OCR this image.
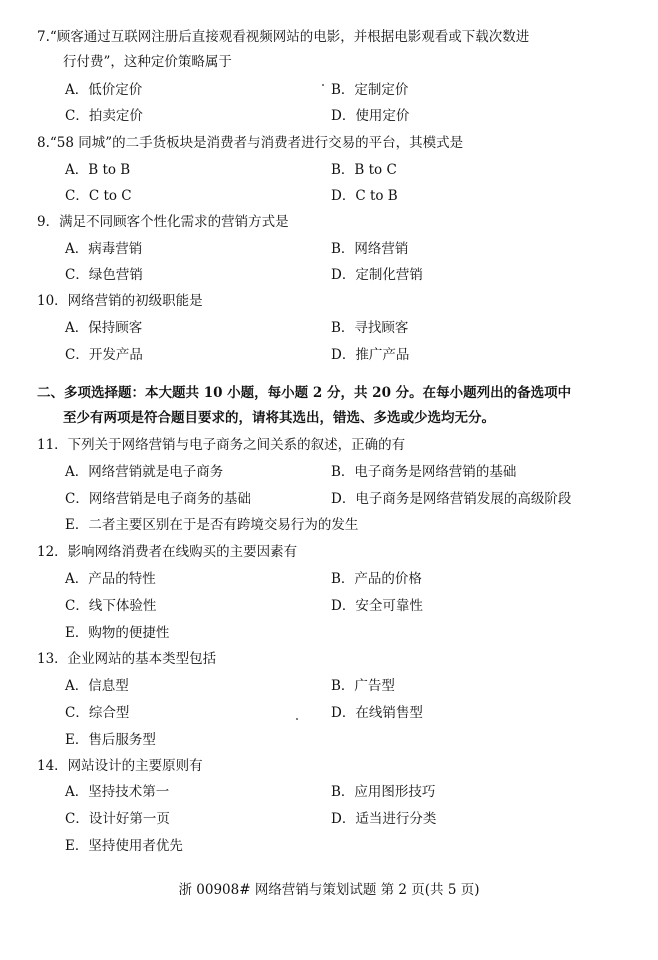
7.“顾客通过互联网注册后直接观看视频网站的电影，并根据电影观看或下载次数进
行付费”，这种定价策略属于
A．低价定价	B．定制定价
C．拍卖定价	D．使用定价
8.“58 同城”的二手货板块是消费者与消费者进行交易的平台，其模式是
A．B to B	B．B to C
C．C to C	D．C to B
9．满足不同顾客个性化需求的营销方式是
A．病毒营销	B．网络营销
C．绿色营销	D．定制化营销
10．网络营销的初级职能是
A．保持顾客	B．寻找顾客
C．开发产品	D．推广产品
二、多项选择题：本大题共 10 小题，每小题 2 分，共 20 分。在每小题列出的备选项中
至少有两项是符合题目要求的，请将其选出，错选、多选或少选均无分。
11．下列关于网络营销与电子商务之间关系的叙述，正确的有
A．网络营销就是电子商务	B．电子商务是网络营销的基础
C．网络营销是电子商务的基础	D．电子商务是网络营销发展的高级阶段
E．二者主要区别在于是否有跨境交易行为的发生
12．影响网络消费者在线购买的主要因素有
A．产品的特性	B．产品的价格
C．线下体验性	D．安全可靠性
E．购物的便捷性
13．企业网站的基本类型包括
A．信息型	B．广告型
C．综合型	D．在线销售型
E．售后服务型
14．网站设计的主要原则有
A．坚持技术第一	B．应用图形技巧
C．设计好第一页	D．适当进行分类
E．坚持使用者优先
浙 00908# 网络营销与策划试题 第 2 页(共 5 页)
